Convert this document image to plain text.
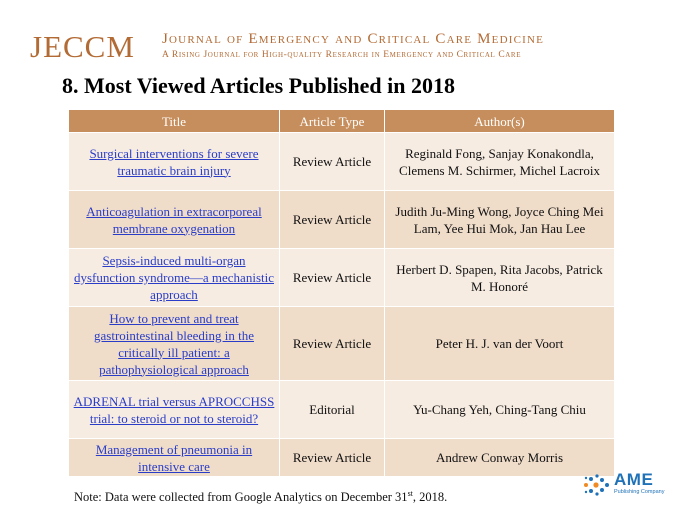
JECCM Journal of Emergency and Critical Care Medicine
A Rising Journal for High-quality Research in Emergency and Critical Care
8. Most Viewed Articles Published in 2018
Title	Article Type	Author(s)
Surgical interventions for severe traumatic brain injury	Review Article	Reginald Fong, Sanjay Konakondla, Clemens M. Schirmer, Michel Lacroix
Anticoagulation in extracorporeal membrane oxygenation	Review Article	Judith Ju-Ming Wong, Joyce Ching Mei Lam, Yee Hui Mok, Jan Hau Lee
Sepsis-induced multi-organ dysfunction syndrome—a mechanistic approach	Review Article	Herbert D. Spapen, Rita Jacobs, Patrick M. Honoré
How to prevent and treat gastrointestinal bleeding in the critically ill patient: a pathophysiological approach	Review Article	Peter H. J. van der Voort
ADRENAL trial versus APROCCHSS trial: to steroid or not to steroid?	Editorial	Yu-Chang Yeh, Ching-Tang Chiu
Management of pneumonia in intensive care	Review Article	Andrew Conway Morris
Note: Data were collected from Google Analytics on December 31st, 2018.
AME
Publishing Company
